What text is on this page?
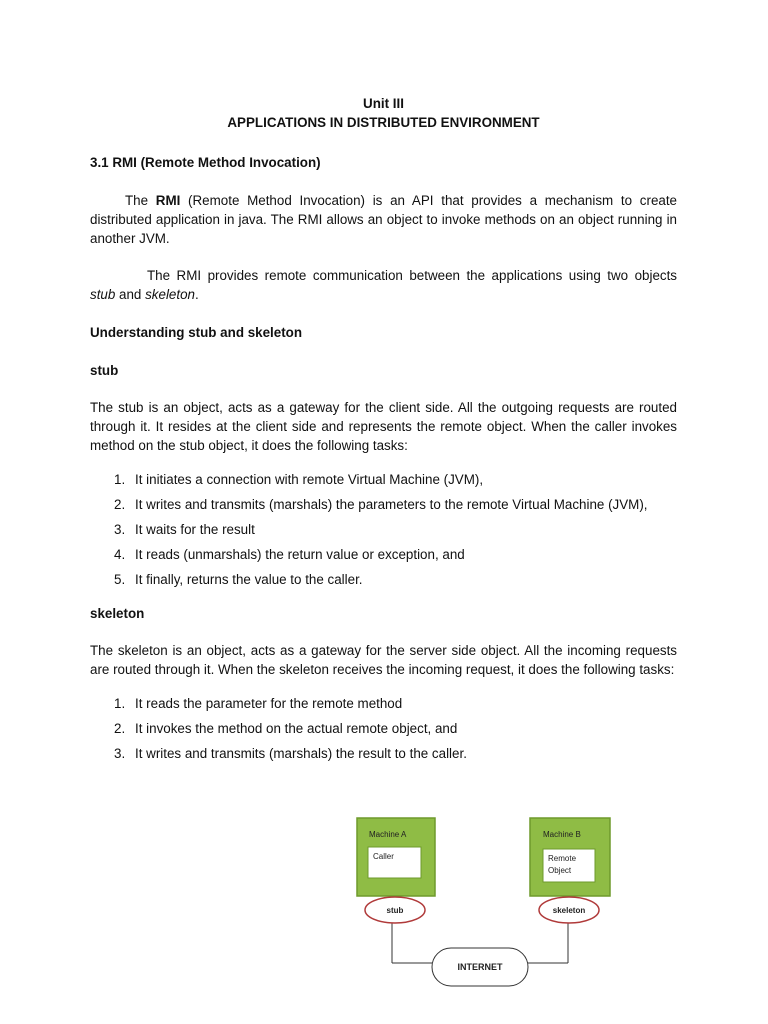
Unit III

APPLICATIONS IN DISTRIBUTED ENVIRONMENT

3.1 RMI (Remote Method Invocation)

The RMI (Remote Method Invocation) is an API that provides a mechanism to create distributed application in java. The RMI allows an object to invoke methods on an object running in another JVM.

The RMI provides remote communication between the applications using two objects stub and skeleton.

Understanding stub and skeleton

stub

The stub is an object, acts as a gateway for the client side. All the outgoing requests are routed through it. It resides at the client side and represents the remote object. When the caller invokes method on the stub object, it does the following tasks:

1. It initiates a connection with remote Virtual Machine (JVM),
2. It writes and transmits (marshals) the parameters to the remote Virtual Machine (JVM),
3. It waits for the result
4. It reads (unmarshals) the return value or exception, and
5. It finally, returns the value to the caller.

skeleton

The skeleton is an object, acts as a gateway for the server side object. All the incoming requests are routed through it. When the skeleton receives the incoming request, it does the following tasks:

1. It reads the parameter for the remote method
2. It invokes the method on the actual remote object, and
3. It writes and transmits (marshals) the result to the caller.
Machine A
Caller
Machine B
Remote
Object
stub	skeleton
INTERNET
